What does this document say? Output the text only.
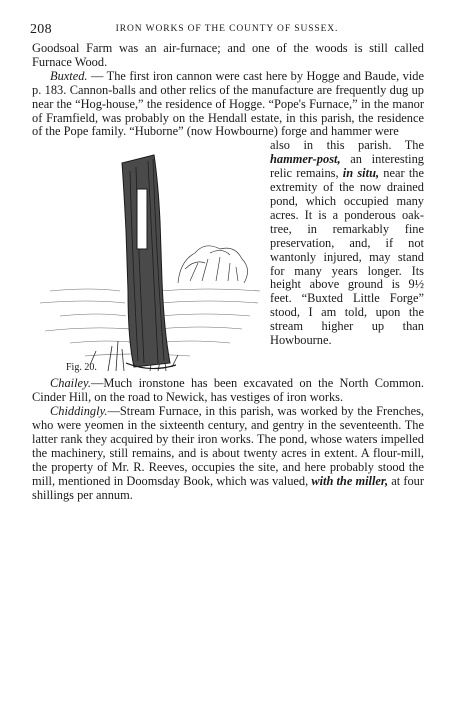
208	IRON WORKS OF THE COUNTY OF SUSSEX.

Goodsoal Farm was an air-furnace; and one of the woods is still called Furnace Wood.

Buxted. — The first iron cannon were cast here by Hogge and Baude, vide p. 183. Cannon-balls and other relics of the manufacture are frequently dug up near the “Hog-house,” the residence of Hogge. “Pope's Furnace,” in the manor of Framfield, was probably on the Hendall estate, in this parish, the residence of the Pope family. “Huborne” (now Howbourne) forge and hammer were

Fig. 20.

also in this parish. The hammer-post, an interesting relic remains, in situ, near the extremity of the now drained pond, which occupied many acres. It is a ponderous oak-tree, in remarkably fine preservation, and, if not wantonly injured, may stand for many years longer. Its height above ground is 9½ feet. “Buxted Little Forge” stood, I am told, upon the stream higher up than Howbourne.

Chailey.—Much ironstone has been excavated on the North Common. Cinder Hill, on the road to Newick, has vestiges of iron works.

Chiddingly.—Stream Furnace, in this parish, was worked by the Frenches, who were yeomen in the sixteenth century, and gentry in the seventeenth. The latter rank they acquired by their iron works. The pond, whose waters impelled the machinery, still remains, and is about twenty acres in extent. A flour-mill, the property of Mr. R. Reeves, occupies the site, and here probably stood the mill, mentioned in Doomsday Book, which was valued, with the miller, at four shillings per annum.
